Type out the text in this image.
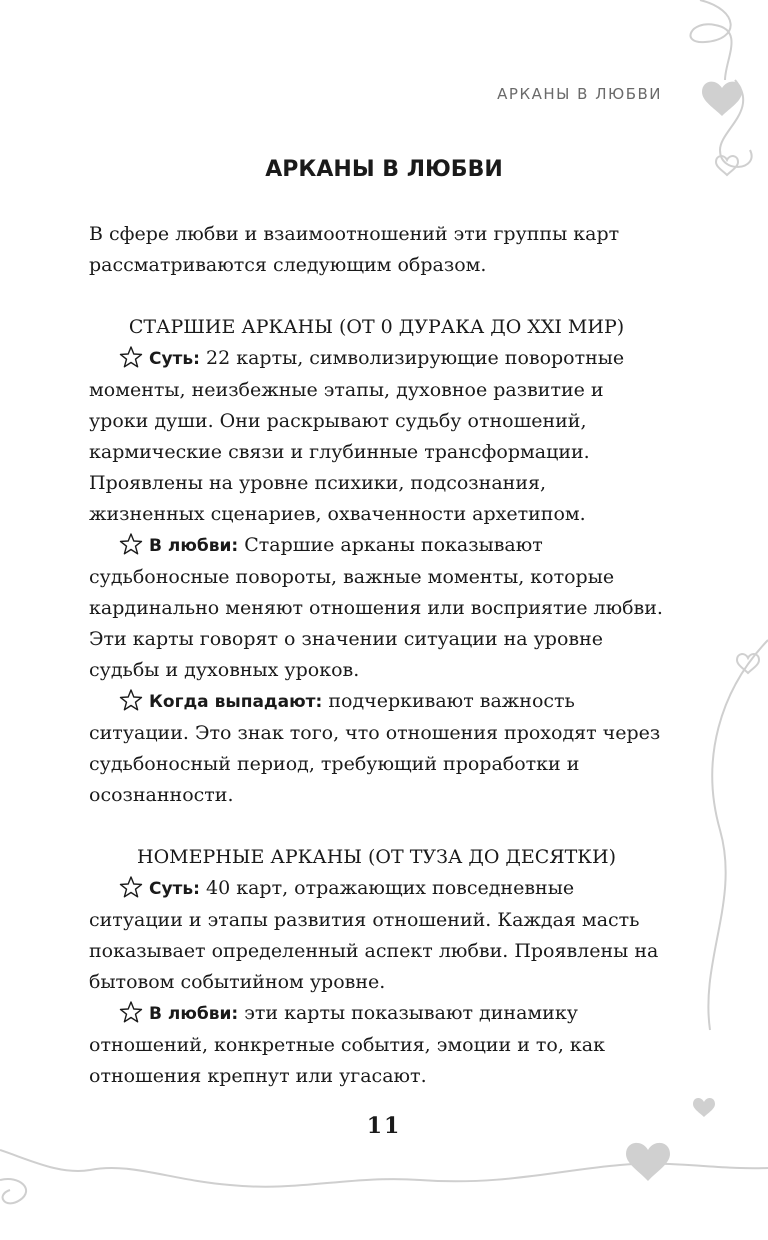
АРКАНЫ В ЛЮБВИ
АРКАНЫ В ЛЮБВИ

В сфере любви и взаимоотношений эти группы карт рассматриваются следующим образом.

СТАРШИЕ АРКАНЫ (ОТ 0 ДУРАКА ДО XXI МИР)

Суть: 22 карты, символизирующие поворотные моменты, неизбежные этапы, духовное развитие и уроки души. Они раскрывают судьбу отношений, кармические связи и глубинные трансформации. Проявлены на уровне психики, подсознания, жизненных сценариев, охваченности архетипом.

В любви: Старшие арканы показывают судьбоносные повороты, важные моменты, которые кардинально меняют отношения или восприятие любви. Эти карты говорят о значении ситуации на уровне судьбы и духовных уроков.

Когда выпадают: подчеркивают важность ситуации. Это знак того, что отношения проходят через судьбоносный период, требующий проработки и осознанности.

НОМЕРНЫЕ АРКАНЫ (ОТ ТУЗА ДО ДЕСЯТКИ)

Суть: 40 карт, отражающих повседневные ситуации и этапы развития отношений. Каждая масть показывает определенный аспект любви. Проявлены на бытовом событийном уровне.

В любви: эти карты показывают динамику отношений, конкретные события, эмоции и то, как отношения крепнут или угасают.

11
